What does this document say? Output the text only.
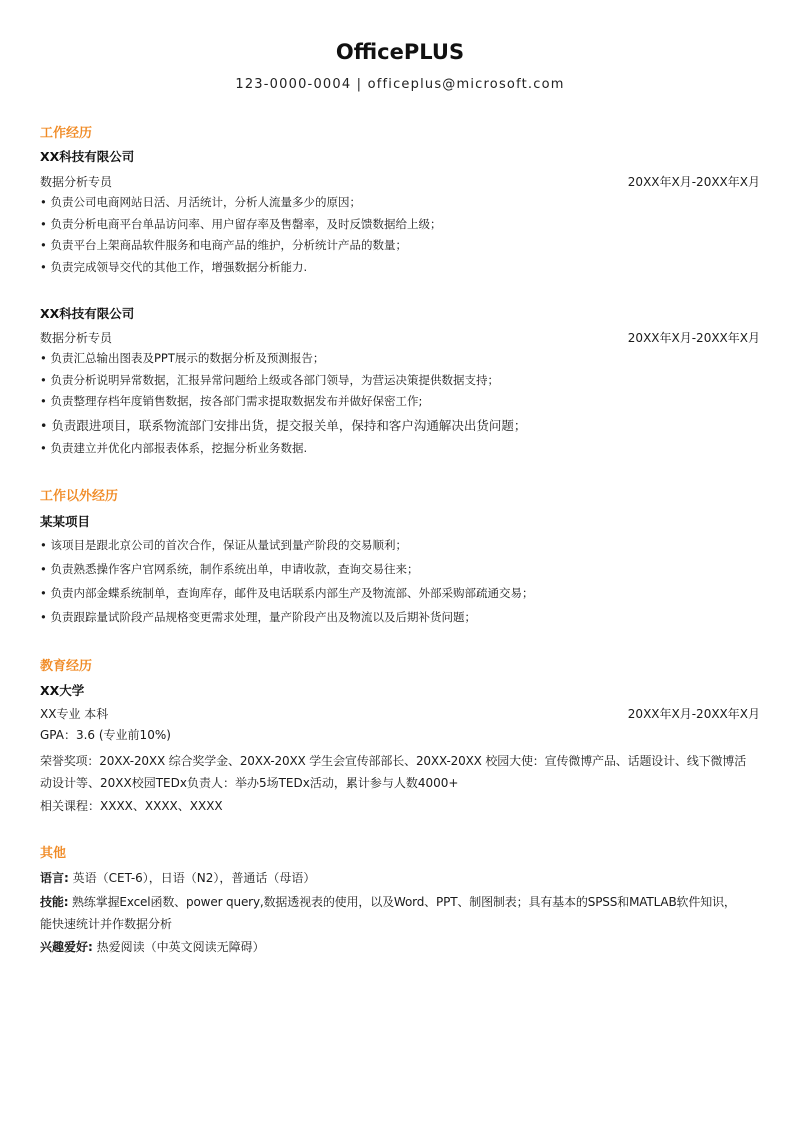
OfficePLUS
123-0000-0004 | officeplus@microsoft.com
工作经历
XX科技有限公司
数据分析专员	20XX年X月-20XX年X月
• 负责公司电商网站日活、月活统计，分析人流量多少的原因；
• 负责分析电商平台单品访问率、用户留存率及售罄率，及时反馈数据给上级；
• 负责平台上架商品软件服务和电商产品的维护，分析统计产品的数量；
• 负责完成领导交代的其他工作，增强数据分析能力.
XX科技有限公司
数据分析专员	20XX年X月-20XX年X月
• 负责汇总输出图表及PPT展示的数据分析及预测报告；
• 负责分析说明异常数据，汇报异常问题给上级或各部门领导，为营运决策提供数据支持；
• 负责整理存档年度销售数据，按各部门需求提取数据发布并做好保密工作;
• 负责跟进项目，联系物流部门安排出货，提交报关单，保持和客户沟通解决出货问题；
• 负责建立并优化内部报表体系，挖掘分析业务数据.
工作以外经历
某某项目
• 该项目是跟北京公司的首次合作，保证从量试到量产阶段的交易顺利；
• 负责熟悉操作客户官网系统，制作系统出单，申请收款，查询交易往来；
• 负责内部金蝶系统制单，查询库存，邮件及电话联系内部生产及物流部、外部采购部疏通交易；
• 负责跟踪量试阶段产品规格变更需求处理，量产阶段产出及物流以及后期补货问题；
教育经历
XX大学
XX专业 本科	20XX年X月-20XX年X月
GPA：3.6 (专业前10%)
荣誉奖项：20XX-20XX 综合奖学金、20XX-20XX 学生会宣传部部长、20XX-20XX 校园大使：宣传微博产品、话题设计、线下微博活
动设计等、20XX校园TEDx负责人：举办5场TEDx活动，累计参与人数4000+
相关课程：XXXX、XXXX、XXXX
其他
语言: 英语（CET-6），日语（N2），普通话（母语）
技能: 熟练掌握Excel函数、power query,数据透视表的使用，以及Word、PPT、制图制表；具有基本的SPSS和MATLAB软件知识，
能快速统计并作数据分析
兴趣爱好: 热爱阅读（中英文阅读无障碍）
